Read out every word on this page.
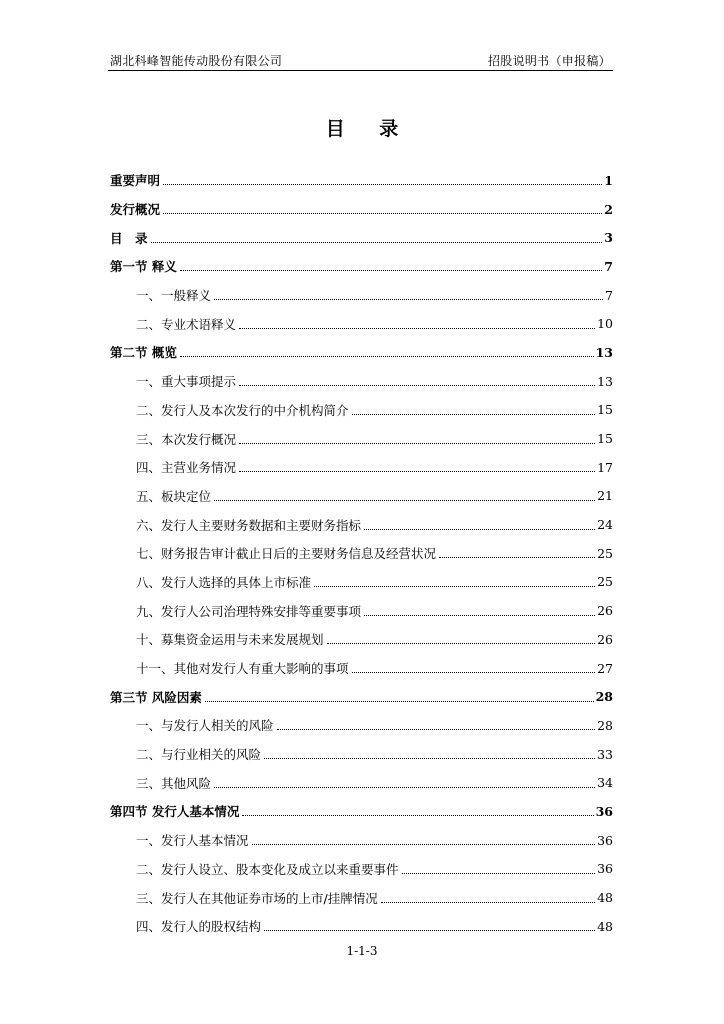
湖北科峰智能传动股份有限公司	招股说明书（申报稿）
目 录
重要声明	1
发行概况	2
目　录	3
第一节 释义	7
一、一般释义	7
二、专业术语释义	10
第二节 概览	13
一、重大事项提示	13
二、发行人及本次发行的中介机构简介	15
三、本次发行概况	15
四、主营业务情况	17
五、板块定位	21
六、发行人主要财务数据和主要财务指标	24
七、财务报告审计截止日后的主要财务信息及经营状况	25
八、发行人选择的具体上市标准	25
九、发行人公司治理特殊安排等重要事项	26
十、募集资金运用与未来发展规划	26
十一、其他对发行人有重大影响的事项	27
第三节 风险因素	28
一、与发行人相关的风险	28
二、与行业相关的风险	33
三、其他风险	34
第四节 发行人基本情况	36
一、发行人基本情况	36
二、发行人设立、股本变化及成立以来重要事件	36
三、发行人在其他证券市场的上市/挂牌情况	48
四、发行人的股权结构	48
1-1-3
